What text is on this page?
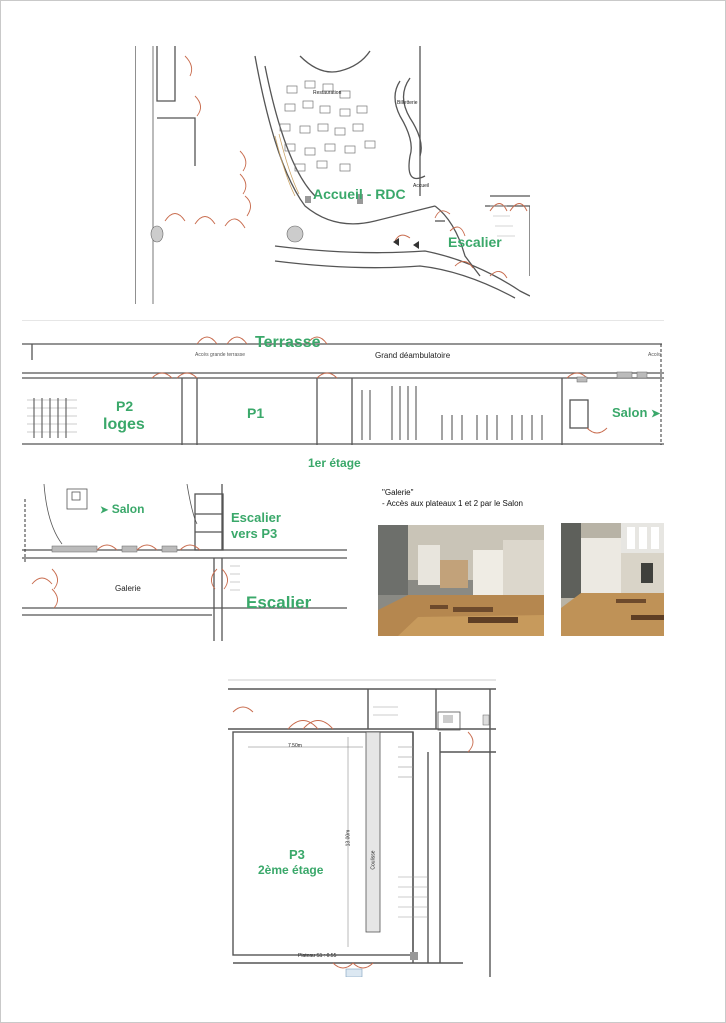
Restauration
Billetterie
Accueil
Accueil - RDC
Escalier
Terrasse
Accès grande terrasse	Grand déambulatoire	Accès
P2
loges
P1	Salon ➤
1er étage
➤ Salon
Escalier vers P3
Galerie
Escalier
"Galerie"
- Accès aux plateaux 1 et 2 par le Salon
7.50m
13.00m
Coulisse
P3
2ème étage
Plateau S1 : 0.55
